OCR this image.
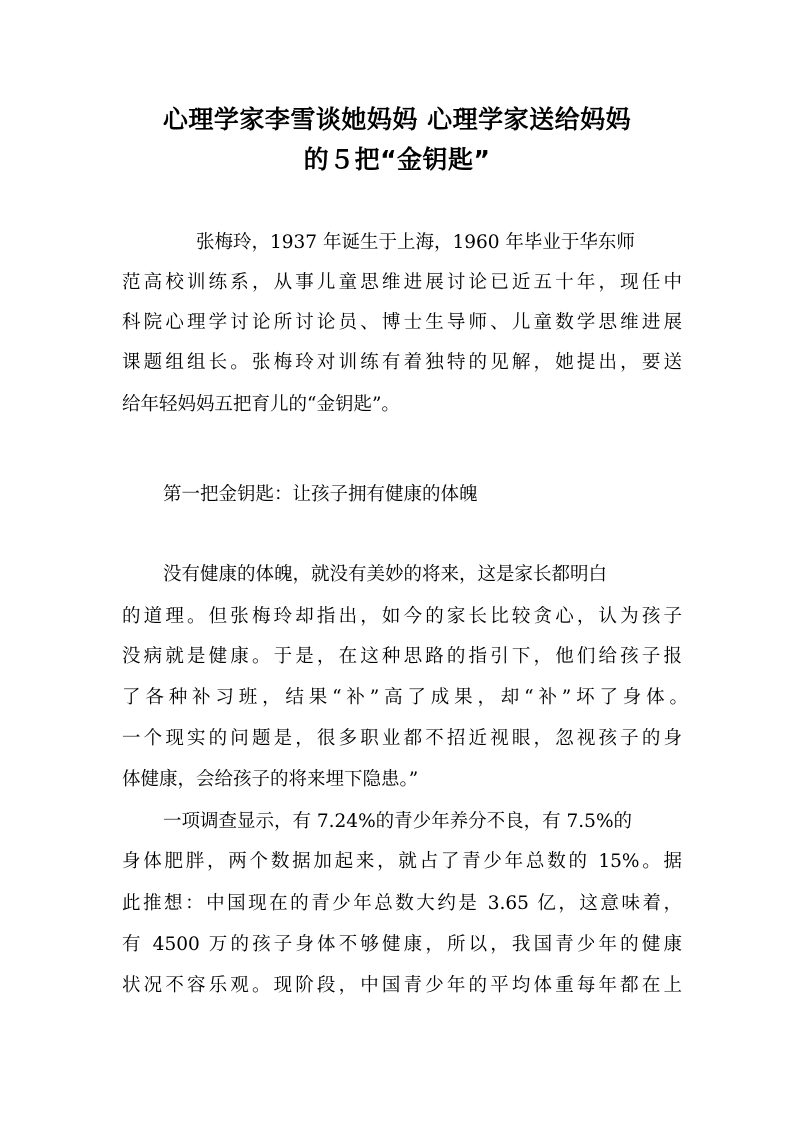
心理学家李雪谈她妈妈 心理学家送给妈妈
的５把“金钥匙”

张梅玲，1937 年诞生于上海，1960 年毕业于华东师

范高校训练系，从事儿童思维进展讨论已近五十年，现任中

科院心理学讨论所讨论员、博士生导师、儿童数学思维进展

课题组组长。张梅玲对训练有着独特的见解，她提出，要送

给年轻妈妈五把育儿的“金钥匙”。

第一把金钥匙：让孩子拥有健康的体魄

没有健康的体魄，就没有美妙的将来，这是家长都明白

的道理。但张梅玲却指出，如今的家长比较贪心，认为孩子

没病就是健康。于是，在这种思路的指引下，他们给孩子报

了各种补习班，结果“补”高了成果，却“补”坏了身体。

一个现实的问题是，很多职业都不招近视眼，忽视孩子的身

体健康，会给孩子的将来埋下隐患。”

一项调查显示，有 7.24%的青少年养分不良，有 7.5%的

身体肥胖，两个数据加起来，就占了青少年总数的 15%。据

此推想：中国现在的青少年总数大约是 3.65 亿，这意味着，

有 4500 万的孩子身体不够健康，所以，我国青少年的健康

状况不容乐观。现阶段，中国青少年的平均体重每年都在上
